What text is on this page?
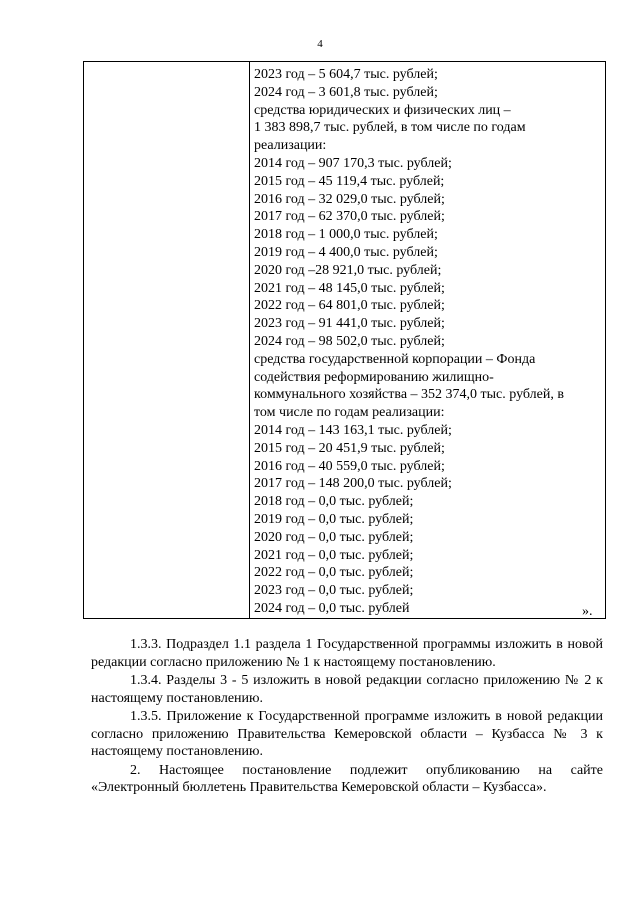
4

2023 год – 5 604,7 тыс. рублей;
2024 год – 3 601,8 тыс. рублей;
средства юридических и физических лиц –
1 383 898,7 тыс. рублей, в том числе по годам
реализации:
2014 год – 907 170,3 тыс. рублей;
2015 год – 45 119,4 тыс. рублей;
2016 год – 32 029,0 тыс. рублей;
2017 год – 62 370,0 тыс. рублей;
2018 год – 1 000,0 тыс. рублей;
2019 год – 4 400,0 тыс. рублей;
2020 год –28 921,0 тыс. рублей;
2021 год – 48 145,0 тыс. рублей;
2022 год – 64 801,0 тыс. рублей;
2023 год – 91 441,0 тыс. рублей;
2024 год – 98 502,0 тыс. рублей;
средства государственной корпорации – Фонда
содействия реформированию жилищно-
коммунального хозяйства – 352 374,0 тыс. рублей, в
том числе по годам реализации:
2014 год – 143 163,1 тыс. рублей;
2015 год – 20 451,9 тыс. рублей;
2016 год – 40 559,0 тыс. рублей;
2017 год – 148 200,0 тыс. рублей;
2018 год – 0,0 тыс. рублей;
2019 год – 0,0 тыс. рублей;
2020 год – 0,0 тыс. рублей;
2021 год – 0,0 тыс. рублей;
2022 год – 0,0 тыс. рублей;
2023 год – 0,0 тыс. рублей;
2024 год – 0,0 тыс. рублей	».

1.3.3. Подраздел 1.1 раздела 1 Государственной программы изложить в новой редакции согласно приложению № 1 к настоящему постановлению.

1.3.4. Разделы 3 - 5 изложить в новой редакции согласно приложению № 2 к настоящему постановлению.

1.3.5. Приложение к Государственной программе изложить в новой редакции согласно приложению Правительства Кемеровской области – Кузбасса № 3 к настоящему постановлению.

2. Настоящее постановление подлежит опубликованию на сайте «Электронный бюллетень Правительства Кемеровской области – Кузбасса».
